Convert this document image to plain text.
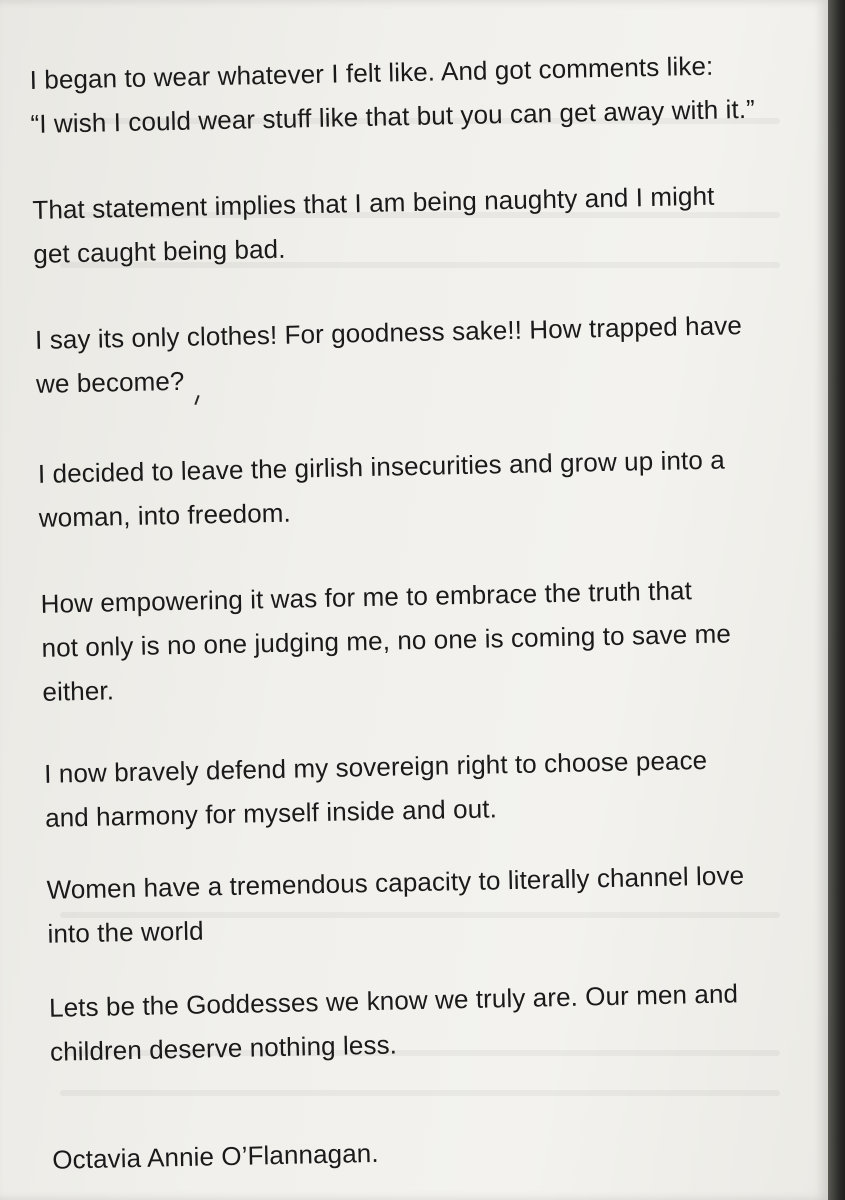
I began to wear whatever I felt like. And got comments like:
“I wish I could wear stuff like that but you can get away with it.”
That statement implies that I am being naughty and I might
get caught being bad.
I say its only clothes! For goodness sake!! How trapped have
we become?
I decided to leave the girlish insecurities and grow up into a
woman, into freedom.
How empowering it was for me to embrace the truth that
not only is no one judging me, no one is coming to save me
either.
I now bravely defend my sovereign right to choose peace
and harmony for myself inside and out.
Women have a tremendous capacity to literally channel love
into the world
Lets be the Goddesses we know we truly are. Our men and
children deserve nothing less.
Octavia Annie O’Flannagan.
